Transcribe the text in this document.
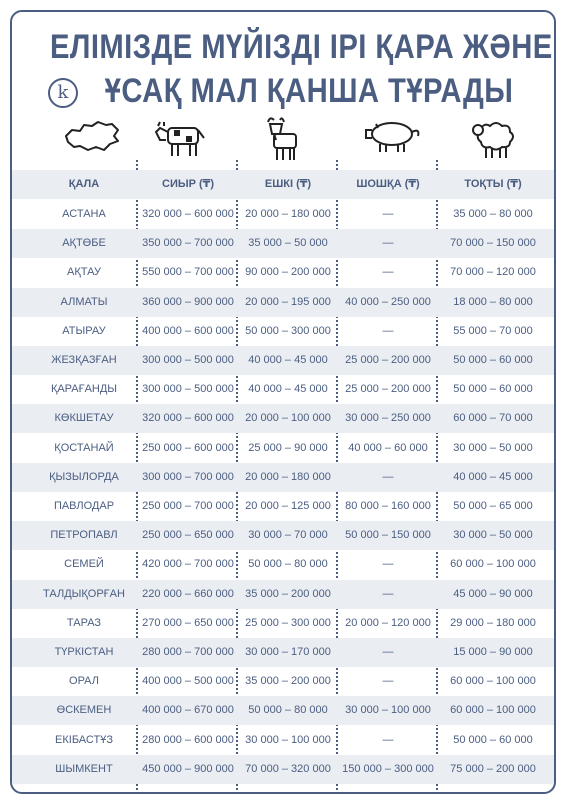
ЕЛІМІЗДЕ МҮЙІЗДІ ІРІ ҚАРА ЖӘНЕ
ҰСАҚ МАЛ ҚАНША ТҰРАДЫ
k
ҚАЛА	СИЫР (₸)	ЕШКІ (₸)	ШОШҚА (₸)	ТОҚТЫ (₸)
АСТАНА	320 000 – 600 000	20 000 – 180 000	—	35 000 – 80 000
АҚТӨБЕ	350 000 – 700 000	35 000 – 50 000	—	70 000 – 150 000
АҚТАУ	550 000 – 700 000	90 000 – 200 000	—	70 000 – 120 000
АЛМАТЫ	360 000 – 900 000	20 000 – 195 000	40 000 – 250 000	18 000 – 80 000
АТЫРАУ	400 000 – 600 000	50 000 – 300 000	—	55 000 – 70 000
ЖЕЗҚАЗҒАН	300 000 – 500 000	40 000 – 45 000	25 000 – 200 000	50 000 – 60 000
ҚАРАҒАНДЫ	300 000 – 500 000	40 000 – 45 000	25 000 – 200 000	50 000 – 60 000
КӨКШЕТАУ	320 000 – 600 000	20 000 – 100 000	30 000 – 250 000	60 000 – 70 000
ҚОСТАНАЙ	250 000 – 600 000	25 000 – 90 000	40 000 – 60 000	30 000 – 50 000
ҚЫЗЫЛОРДА	300 000 – 700 000	20 000 – 180 000	—	40 000 – 45 000
ПАВЛОДАР	250 000 – 700 000	20 000 – 125 000	80 000 – 160 000	50 000 – 65 000
ПЕТРОПАВЛ	250 000 – 650 000	30 000 – 70 000	50 000 – 150 000	30 000 – 50 000
СЕМЕЙ	420 000 – 700 000	50 000 – 80 000	—	60 000 – 100 000
ТАЛДЫҚОРҒАН	220 000 – 660 000	35 000 – 200 000	—	45 000 – 90 000
ТАРАЗ	270 000 – 650 000	25 000 – 300 000	20 000 – 120 000	29 000 – 180 000
ТҮРКІСТАН	280 000 – 700 000	30 000 – 170 000	—	15 000 – 90 000
ОРАЛ	400 000 – 500 000	35 000 – 200 000	—	60 000 – 100 000
ӨСКЕМЕН	400 000 – 670 000	50 000 – 80 000	30 000 – 100 000	60 000 – 100 000
ЕКІБАСТҰЗ	280 000 – 600 000	30 000 – 100 000	—	50 000 – 60 000
ШЫМКЕНТ	450 000 – 900 000	70 000 – 320 000	150 000 – 300 000	75 000 – 200 000
